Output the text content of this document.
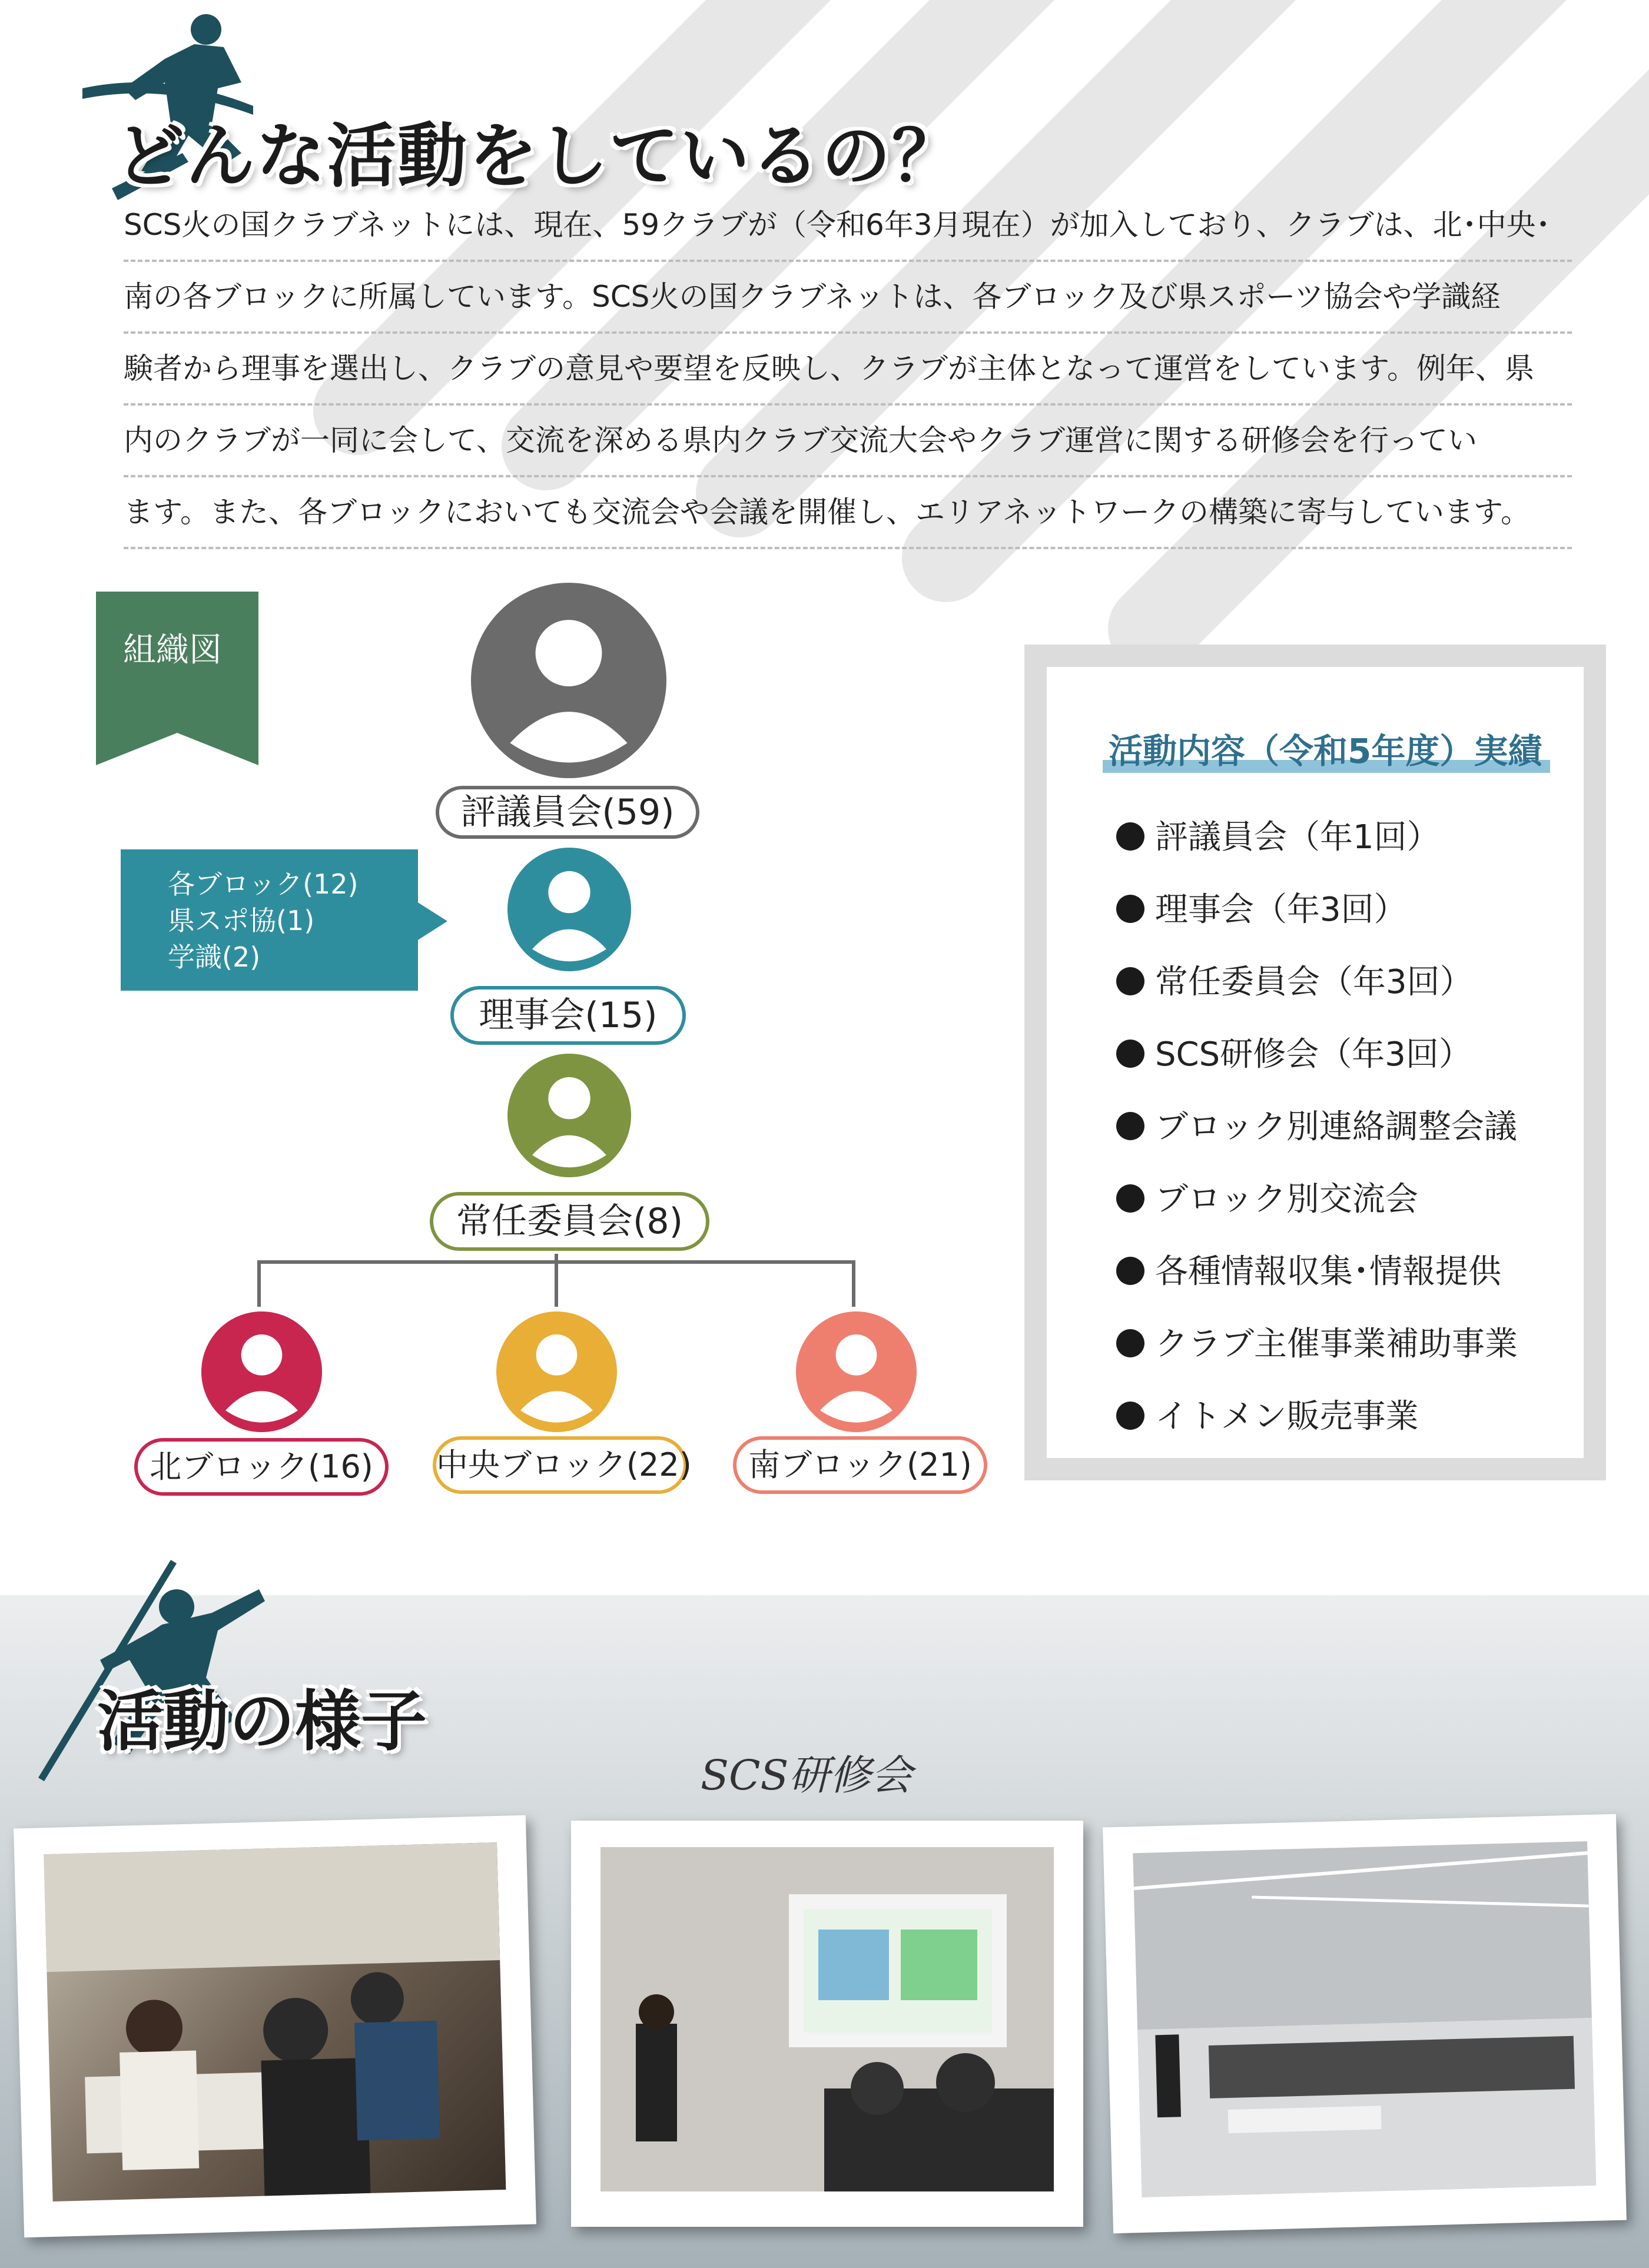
どんな活動をしているの？
SCS火の国クラブネットには、現在、59クラブが（令和6年3月現在）が加入しており、クラブは、北･中央･
南の各ブロックに所属しています。SCS火の国クラブネットは、各ブロック及び県スポーツ協会や学識経
験者から理事を選出し、クラブの意見や要望を反映し、クラブが主体となって運営をしています。例年、県
内のクラブが一同に会して、交流を深める県内クラブ交流大会やクラブ運営に関する研修会を行ってい
ます。また、各ブロックにおいても交流会や会議を開催し、エリアネットワークの構築に寄与しています。
組織図
各ブロック(12)
県スポ協(1)
学識(2)
評議員会(59)
理事会(15)
常任委員会(8)
北ブロック(16)	中央ブロック(22)	南ブロック(21)
活動内容（令和5年度）実績
評議員会（年1回）
理事会（年3回）
常任委員会（年3回）
SCS研修会（年3回）
ブロック別連絡調整会議
ブロック別交流会
各種情報収集･情報提供
クラブ主催事業補助事業
イトメン販売事業
活動の様子
SCS研修会
